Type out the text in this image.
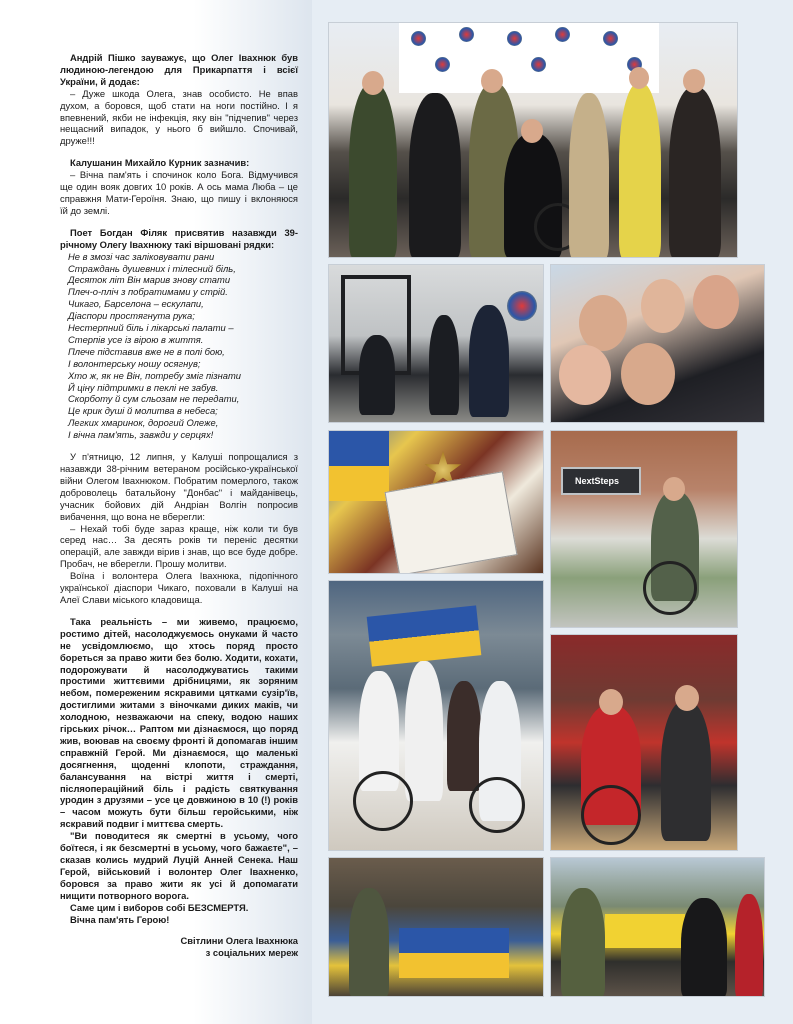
Андрій Пішко зауважує, що Олег Івахнюк був людиною-легендою для Прикарпаття і всієї України, й додає:

– Дуже шкода Олега, знав особисто. Не впав духом, а боровся, щоб стати на ноги постійно. І я впевнений, якби не інфекція, яку він "підчепив" через нещасний випадок, у нього б вийшло. Спочивай, друже!!!

Калушанин Михайло Курник зазначив:

– Вічна пам'ять і спочинок коло Бога. Відмучився ще один вояк довгих 10 років. А ось мама Люба – це справжня Мати-Героїня. Знаю, що пишу і вклоняюся їй до землі.

Поет Богдан Філяк присвятив назавжди 39-річному Олегу Івахнюку такі віршовані рядки:

Не в змозі час заліковувати рани
Страждань душевних і тілесний біль,
Десяток літ Він марив знову стати
Плеч-о-пліч з побратимами у стрій.
Чикаго, Барселона – ескулапи,
Діаспори простягнута рука;
Нестерпний біль і лікарські палати –
Стерпів усе із вірою в життя.
Плече підставив вже не в полі бою,
І волонтерську ношу осягнув;
Хто ж, як не Він, потребу зміг пізнати
Й ціну підтримки в пеклі не забув.
Скорботу й сум сльозам не передати,
Це крик душі й молитва в небеса;
Легких хмаринок, дорогий Олеже,
І вічна пам'ять, завжди у серцях!

У п'ятницю, 12 липня, у Калуші попрощалися з назавжди 38-річним ветераном російсько-української війни Олегом Івахнюком. Побратим померлого, також доброволець батальйону "Донбас" і майданівець, учасник бойових дій Андріан Волгін попросив вибачення, що вона не вберегли:

– Нехай тобі буде зараз краще, ніж коли ти був серед нас… За десять років ти переніс десятки операцій, але завжди вірив і знав, що все буде добре. Пробач, не вберегли. Прошу молитви.

Воїна і волонтера Олега Івахнюка, підопічного української діаспори Чикаго, поховали в Калуші на Алеї Слави міського кладовища.

Така реальність – ми живемо, працюємо, ростимо дітей, насолоджуємось онуками й часто не усвідомлюємо, що хтось поряд просто бореться за право жити без болю. Ходити, кохати, подорожувати й насолоджуватись такими простими життєвими дрібницями, як зоряним небом, помереженим яскравими цятками сузір'їв, достиглими житами з віночками диких маків, чи холодною, незважаючи на спеку, водою наших гірських річок… Раптом ми дізнаємося, що поряд жив, воював на своєму фронті й допомагав іншим справжній Герой. Ми дізнаємося, що маленькі досягнення, щоденні клопоти, страждання, балансування на вістрі життя і смерті, післяопераційний біль і радість святкування уродин з друзями – усе це довжиною в 10 (!) років – часом можуть бути більш геройськими, ніж яскравий подвиг і миттєва смерть.

"Ви поводитеся як смертні в усьому, чого боїтеся, і як безсмертні в усьому, чого бажаєте", – сказав колись мудрий Луцій Анней Сенека. Наш Герой, військовий і волонтер Олег Івахненко, боровся за право жити як усі й допомагати нищити потворного ворога.

Саме цим і виборов собі БЕЗСМЕРТЯ.

Вічна пам'ять Герою!

Світлини Олега Івахнюка

з соціальних мереж

NextSteps
